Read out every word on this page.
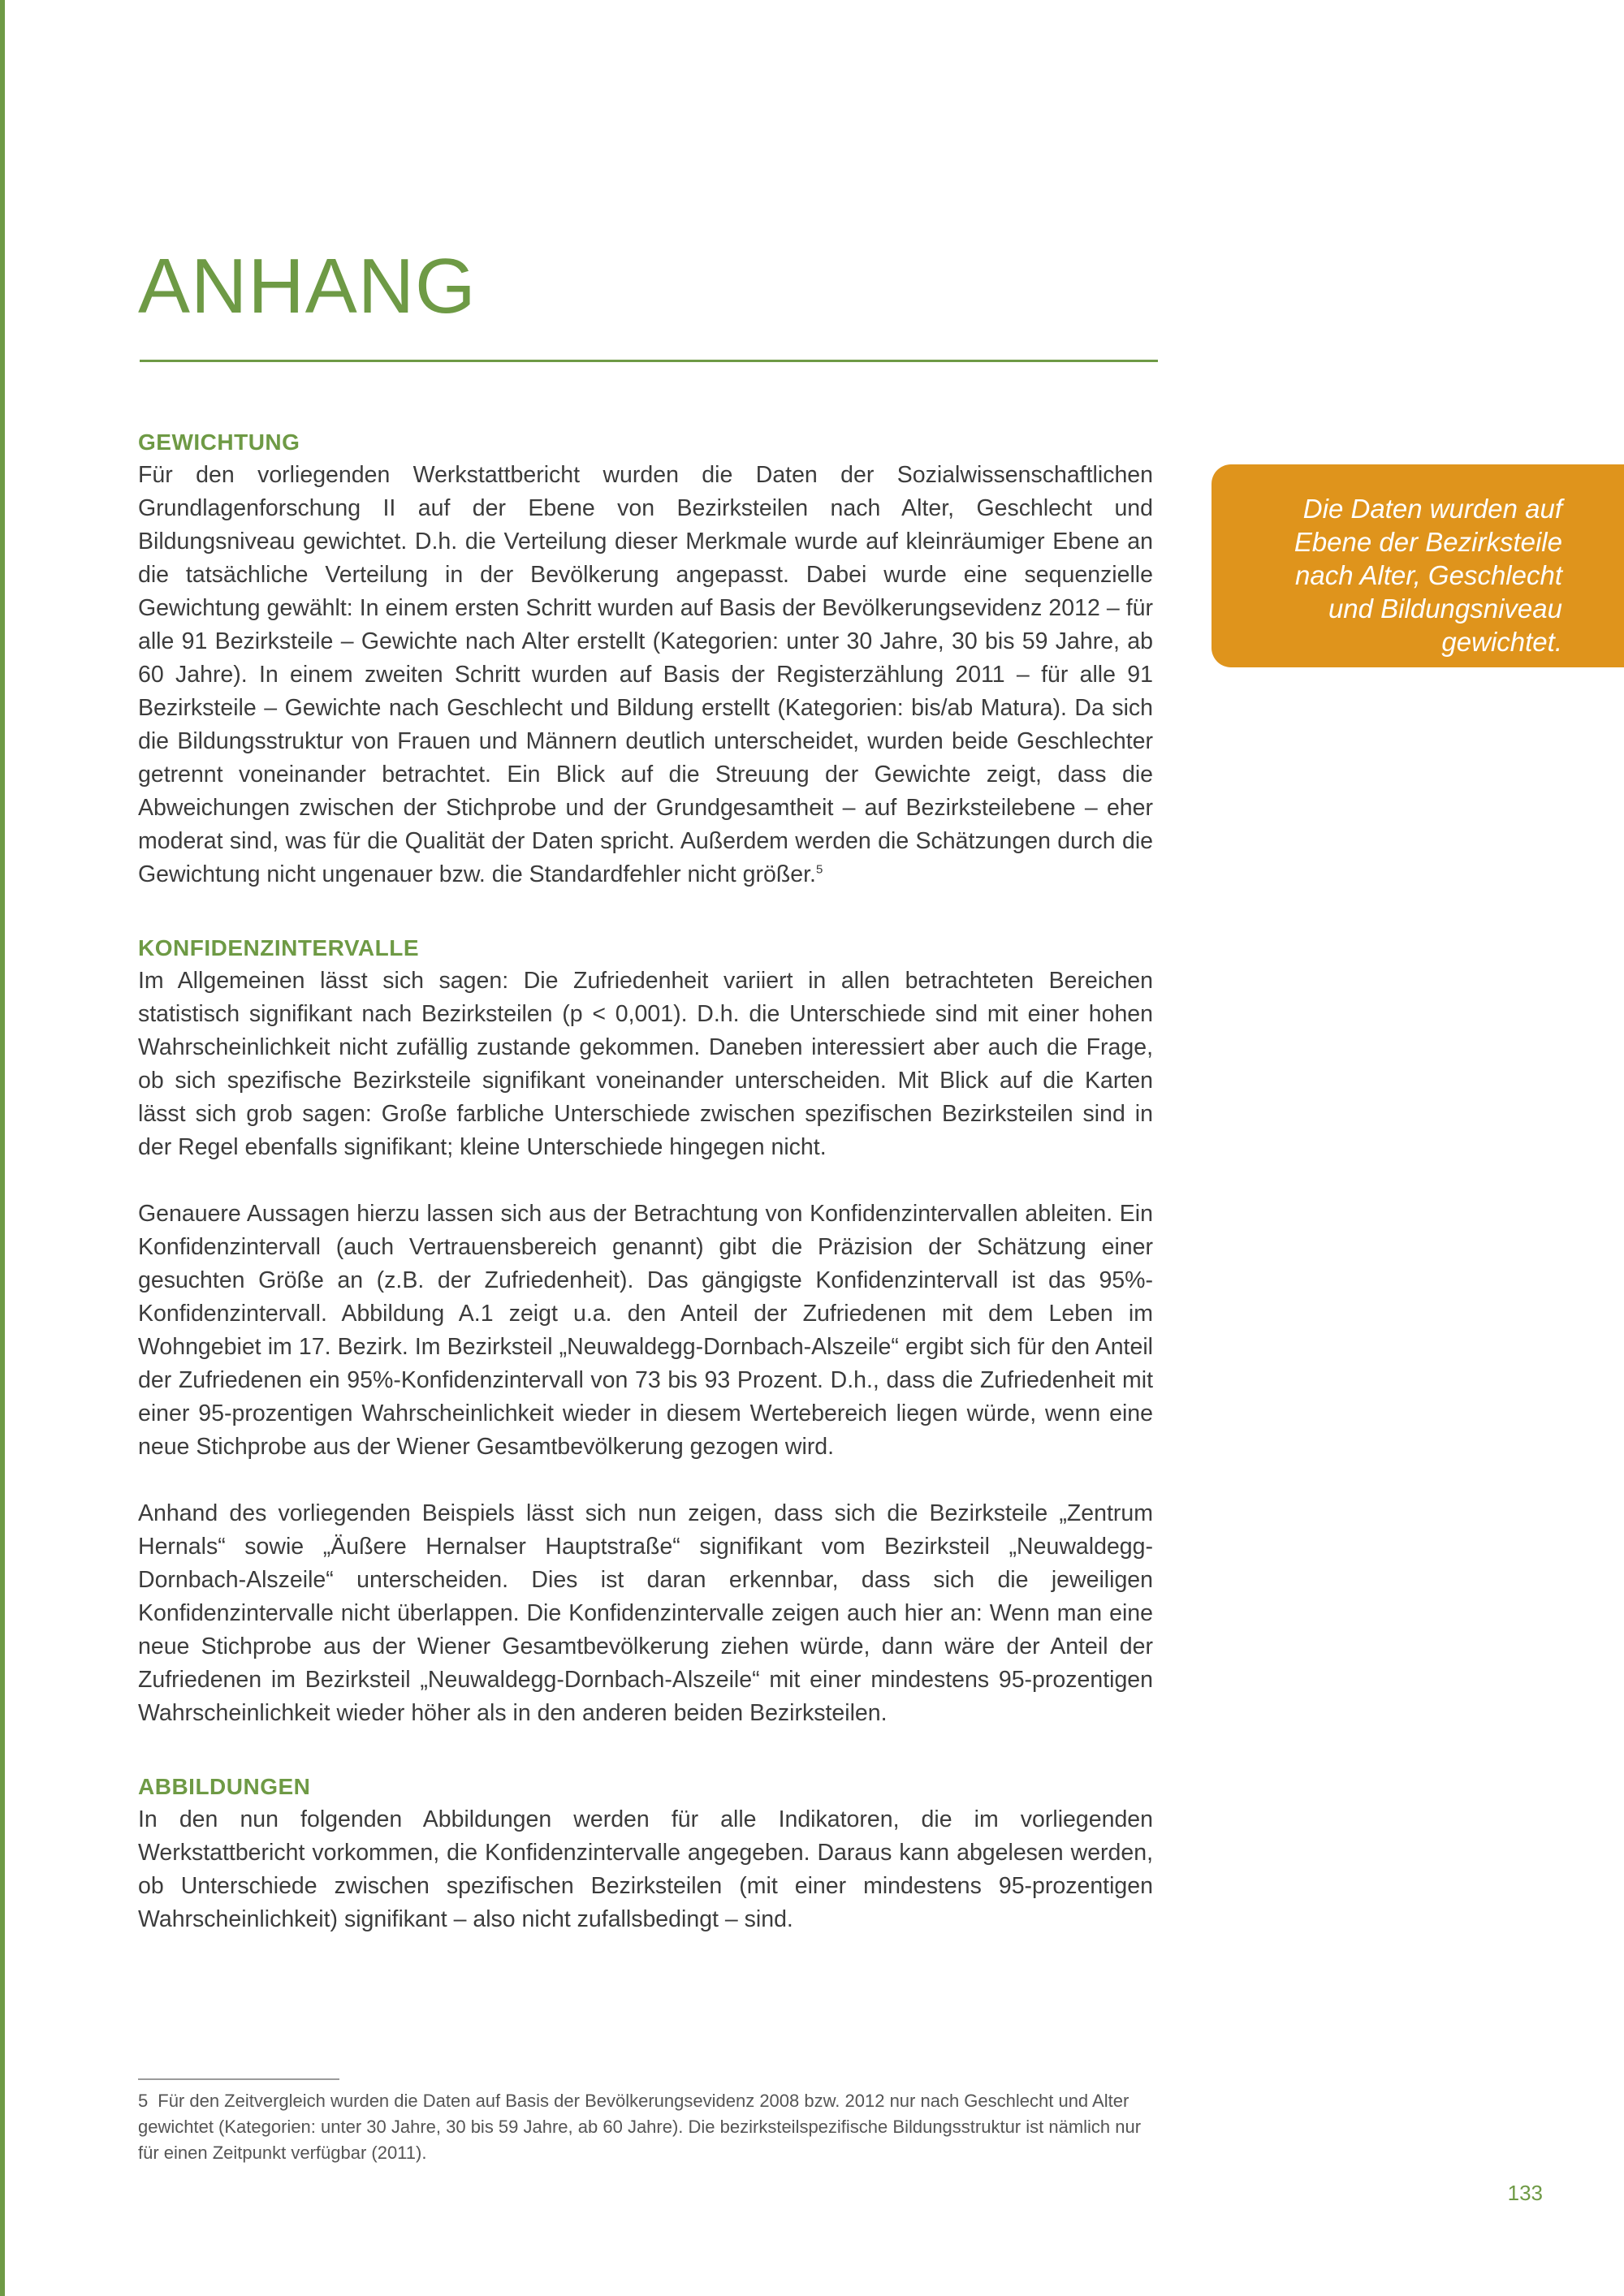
ANHANG
GEWICHTUNG

Für den vorliegenden Werkstattbericht wurden die Daten der Sozialwissenschaftlichen Grundlagenforschung II auf der Ebene von Bezirksteilen nach Alter, Geschlecht und Bildungsniveau gewichtet. D.h. die Verteilung dieser Merkmale wurde auf kleinräumiger Ebene an die tatsächliche Verteilung in der Bevölkerung angepasst. Dabei wurde eine sequenzielle Gewichtung gewählt: In einem ersten Schritt wurden auf Basis der Bevölkerungsevidenz 2012 – für alle 91 Bezirksteile – Gewichte nach Alter erstellt (Kategorien: unter 30 Jahre, 30 bis 59 Jahre, ab 60 Jahre). In einem zweiten Schritt wurden auf Basis der Registerzählung 2011 – für alle 91 Bezirksteile – Gewichte nach Geschlecht und Bildung erstellt (Kategorien: bis/ab Matura). Da sich die Bildungsstruktur von Frauen und Männern deutlich unterscheidet, wurden beide Geschlechter getrennt voneinander betrachtet. Ein Blick auf die Streuung der Gewichte zeigt, dass die Abweichungen zwischen der Stichprobe und der Grundgesamtheit – auf Bezirksteilebene – eher moderat sind, was für die Qualität der Daten spricht. Außerdem werden die Schätzungen durch die Gewichtung nicht ungenauer bzw. die Standardfehler nicht größer.$^5$

KONFIDENZINTERVALLE

Im Allgemeinen lässt sich sagen: Die Zufriedenheit variiert in allen betrachteten Bereichen statistisch signifikant nach Bezirksteilen (p < 0,001). D.h. die Unterschiede sind mit einer hohen Wahrscheinlichkeit nicht zufällig zustande gekommen. Daneben interessiert aber auch die Frage, ob sich spezifische Bezirksteile signifikant voneinander unterscheiden. Mit Blick auf die Karten lässt sich grob sagen: Große farbliche Unterschiede zwischen spezifischen Bezirksteilen sind in der Regel ebenfalls signifikant; kleine Unterschiede hingegen nicht.

Genauere Aussagen hierzu lassen sich aus der Betrachtung von Konfidenzintervallen ableiten. Ein Konfidenzintervall (auch Vertrauensbereich genannt) gibt die Präzision der Schätzung einer gesuchten Größe an (z.B. der Zufriedenheit). Das gängigste Konfidenzintervall ist das 95%-Konfidenzintervall. Abbildung A.1 zeigt u.a. den Anteil der Zufriedenen mit dem Leben im Wohngebiet im 17. Bezirk. Im Bezirksteil „Neuwaldegg-Dornbach-Alszeile“ ergibt sich für den Anteil der Zufriedenen ein 95%-Konfidenzintervall von 73 bis 93 Prozent. D.h., dass die Zufriedenheit mit einer 95-prozentigen Wahrscheinlichkeit wieder in diesem Wertebereich liegen würde, wenn eine neue Stichprobe aus der Wiener Gesamtbevölkerung gezogen wird.

Anhand des vorliegenden Beispiels lässt sich nun zeigen, dass sich die Bezirksteile „Zentrum Hernals“ sowie „Äußere Hernalser Hauptstraße“ signifikant vom Bezirksteil „Neuwaldegg-Dornbach-Alszeile“ unterscheiden. Dies ist daran erkennbar, dass sich die jeweiligen Konfidenzintervalle nicht überlappen. Die Konfidenzintervalle zeigen auch hier an: Wenn man eine neue Stichprobe aus der Wiener Gesamtbevölkerung ziehen würde, dann wäre der Anteil der Zufriedenen im Bezirksteil „Neuwaldegg-Dornbach-Alszeile“ mit einer mindestens 95-prozentigen Wahrscheinlichkeit wieder höher als in den anderen beiden Bezirksteilen.

ABBILDUNGEN

In den nun folgenden Abbildungen werden für alle Indikatoren, die im vorliegenden Werkstattbericht vorkommen, die Konfidenzintervalle angegeben. Daraus kann abgelesen werden, ob Unterschiede zwischen spezifischen Bezirksteilen (mit einer mindestens 95-prozentigen Wahrscheinlichkeit) signifikant – also nicht zufallsbedingt – sind.

Die Daten wurden auf Ebene der Bezirksteile nach Alter, Geschlecht und Bildungsniveau gewichtet.

5 Für den Zeitvergleich wurden die Daten auf Basis der Bevölkerungsevidenz 2008 bzw. 2012 nur nach Geschlecht und Alter gewichtet (Kategorien: unter 30 Jahre, 30 bis 59 Jahre, ab 60 Jahre). Die bezirksteilspezifische Bildungsstruktur ist nämlich nur für einen Zeitpunkt verfügbar (2011).

133
